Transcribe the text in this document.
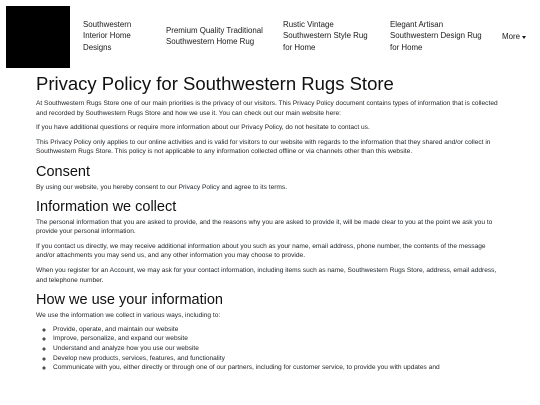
Southwestern Interior Home Designs
Premium Quality Traditional Southwestern Home Rug
Rustic Vintage Southwestern Style Rug for Home
Elegant Artisan Southwestern Design Rug for Home
More
Privacy Policy for Southwestern Rugs Store

At Southwestern Rugs Store one of our main priorities is the privacy of our visitors. This Privacy Policy document contains types of information that is collected and recorded by Southwestern Rugs Store and how we use it. You can check out our main website here:

If you have additional questions or require more information about our Privacy Policy, do not hesitate to contact us.

This Privacy Policy only applies to our online activities and is valid for visitors to our website with regards to the information that they shared and/or collect in Southwestern Rugs Store. This policy is not applicable to any information collected offline or via channels other than this website.

Consent

By using our website, you hereby consent to our Privacy Policy and agree to its terms.

Information we collect

The personal information that you are asked to provide, and the reasons why you are asked to provide it, will be made clear to you at the point we ask you to provide your personal information.

If you contact us directly, we may receive additional information about you such as your name, email address, phone number, the contents of the message and/or attachments you may send us, and any other information you may choose to provide.

When you register for an Account, we may ask for your contact information, including items such as name, Southwestern Rugs Store, address, email address, and telephone number.

How we use your information

We use the information we collect in various ways, including to:

◦ Provide, operate, and maintain our website
◦ Improve, personalize, and expand our website
◦ Understand and analyze how you use our website
◦ Develop new products, services, features, and functionality
◦ Communicate with you, either directly or through one of our partners, including for customer service, to provide you with updates and
